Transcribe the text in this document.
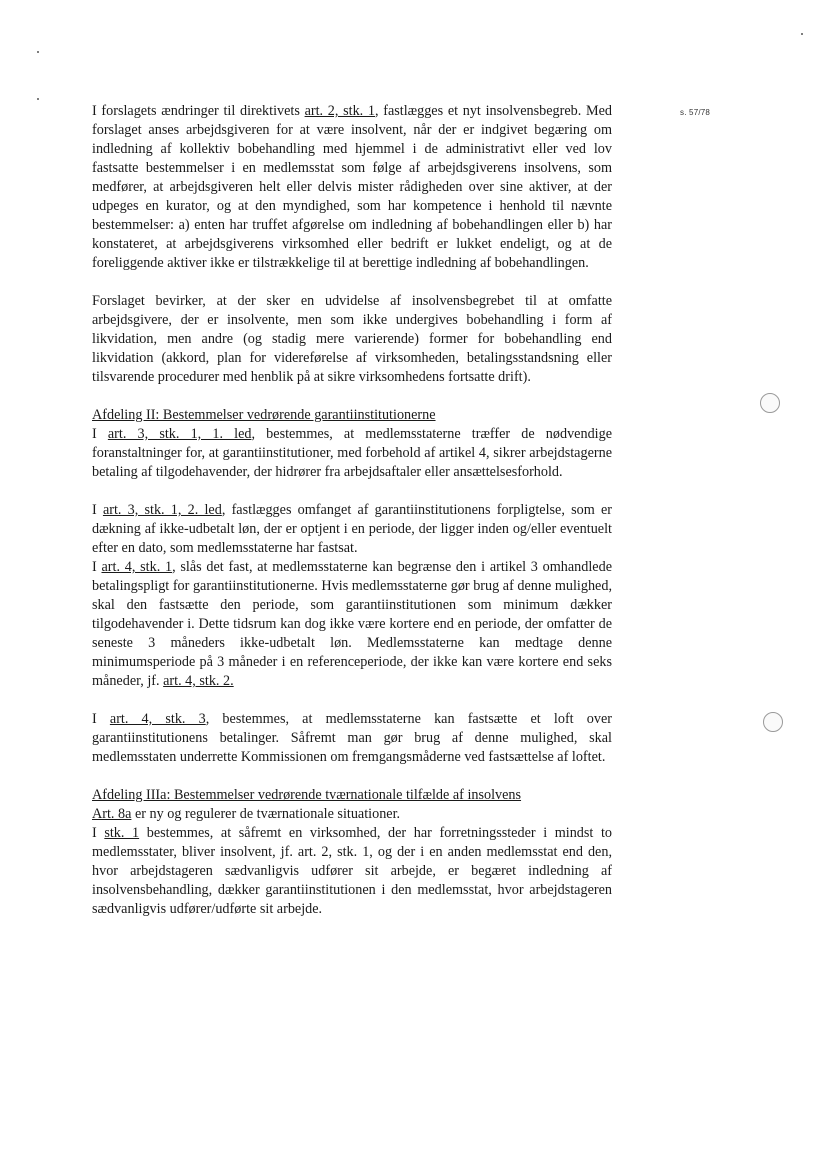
s. 57/78

I forslagets ændringer til direktivets art. 2, stk. 1, fastlægges et nyt insolvensbegreb. Med forslaget anses arbejdsgiveren for at være insolvent, når der er indgivet begæring om indledning af kollektiv bobehandling med hjemmel i de administrativt eller ved lov fastsatte bestemmelser i en medlemsstat som følge af arbejdsgiverens insolvens, som medfører, at arbejdsgiveren helt eller delvis mister rådigheden over sine aktiver, at der udpeges en kurator, og at den myndighed, som har kompetence i henhold til nævnte bestemmelser: a) enten har truffet afgørelse om indledning af bobehandlingen eller b) har konstateret, at arbejdsgiverens virksomhed eller bedrift er lukket endeligt, og at de foreliggende aktiver ikke er tilstrækkelige til at berettige indledning af bobehandlingen.

Forslaget bevirker, at der sker en udvidelse af insolvensbegrebet til at omfatte arbejdsgivere, der er insolvente, men som ikke undergives bobehandling i form af likvidation, men andre (og stadig mere varierende) former for bobehandling end likvidation (akkord, plan for videreførelse af virksomheden, betalingsstandsning eller tilsvarende procedurer med henblik på at sikre virksomhedens fortsatte drift).

Afdeling II: Bestemmelser vedrørende garantiinstitutionerne

I art. 3, stk. 1, 1. led, bestemmes, at medlemsstaterne træffer de nødvendige foranstaltninger for, at garantiinstitutioner, med forbehold af artikel 4, sikrer arbejdstagerne betaling af tilgodehavender, der hidrører fra arbejdsaftaler eller ansættelsesforhold.

I art. 3, stk. 1, 2. led, fastlægges omfanget af garantiinstitutionens forpligtelse, som er dækning af ikke-udbetalt løn, der er optjent i en periode, der ligger inden og/eller eventuelt efter en dato, som medlemsstaterne har fastsat.

I art. 4, stk. 1, slås det fast, at medlemsstaterne kan begrænse den i artikel 3 omhandlede betalingspligt for garantiinstitutionerne. Hvis medlemsstaterne gør brug af denne mulighed, skal den fastsætte den periode, som garantiinstitutionen som minimum dækker tilgodehavender i. Dette tidsrum kan dog ikke være kortere end en periode, der omfatter de seneste 3 måneders ikke-udbetalt løn. Medlemsstaterne kan medtage denne minimumsperiode på 3 måneder i en referenceperiode, der ikke kan være kortere end seks måneder, jf. art. 4, stk. 2.

I art. 4, stk. 3, bestemmes, at medlemsstaterne kan fastsætte et loft over garantiinstitutionens betalinger. Såfremt man gør brug af denne mulighed, skal medlemsstaten underrette Kommissionen om fremgangsmåderne ved fastsættelse af loftet.

Afdeling IIIa: Bestemmelser vedrørende tværnationale tilfælde af insolvens

Art. 8a er ny og regulerer de tværnationale situationer.

I stk. 1 bestemmes, at såfremt en virksomhed, der har forretningssteder i mindst to medlemsstater, bliver insolvent, jf. art. 2, stk. 1, og der i en anden medlemsstat end den, hvor arbejdstageren sædvanligvis udfører sit arbejde, er begæret indledning af insolvensbehandling, dækker garantiinstitutionen i den medlemsstat, hvor arbejdstageren sædvanligvis udfører/udførte sit arbejde.
